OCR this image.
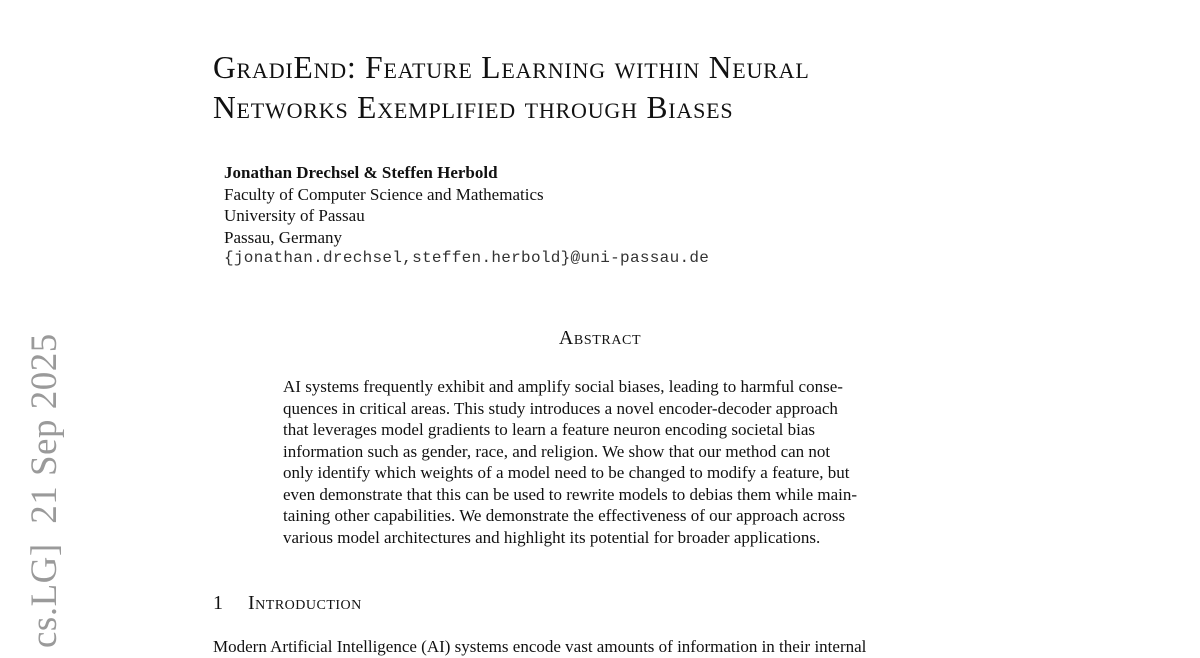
cs.LG]  21 Sep 2025
GradiEnd: Feature Learning within Neural
Networks Exemplified through Biases
Jonathan Drechsel & Steffen Herbold
Faculty of Computer Science and Mathematics
University of Passau
Passau, Germany
{jonathan.drechsel,steffen.herbold}@uni-passau.de
Abstract
AI systems frequently exhibit and amplify social biases, leading to harmful conse-
quences in critical areas. This study introduces a novel encoder-decoder approach
that leverages model gradients to learn a feature neuron encoding societal bias
information such as gender, race, and religion. We show that our method can not
only identify which weights of a model need to be changed to modify a feature, but
even demonstrate that this can be used to rewrite models to debias them while main-
taining other capabilities. We demonstrate the effectiveness of our approach across
various model architectures and highlight its potential for broader applications.
1 Introduction
Modern Artificial Intelligence (AI) systems encode vast amounts of information in their internal
